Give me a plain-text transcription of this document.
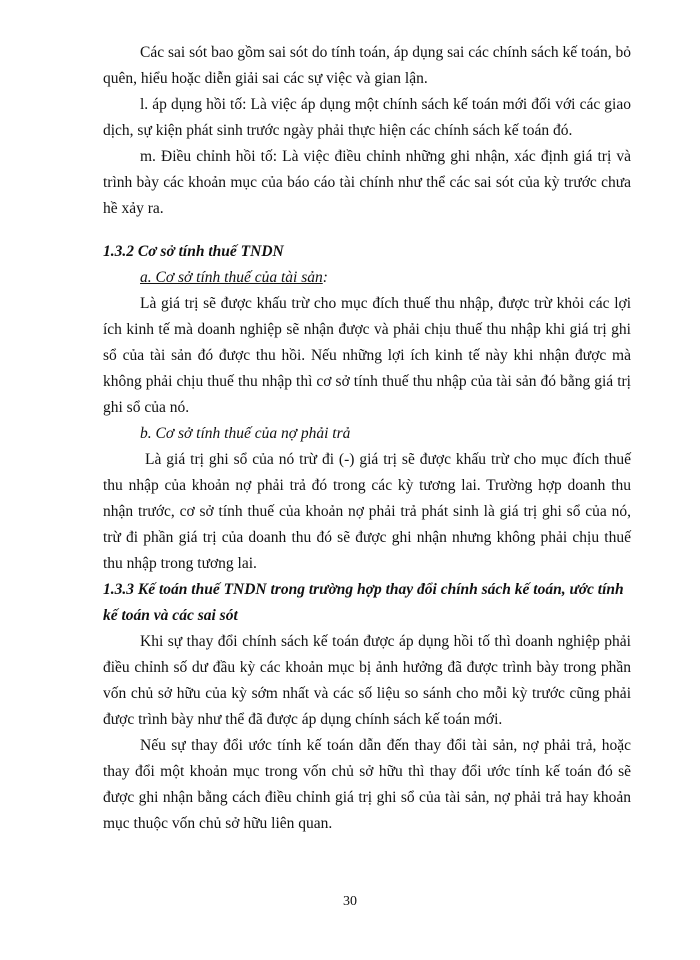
Các sai sót bao gồm sai sót do tính toán, áp dụng sai các chính sách kế toán, bỏ quên, hiểu hoặc diễn giải sai các sự việc và gian lận.

l. áp dụng hồi tố: Là việc áp dụng một chính sách kế toán mới đối với các giao dịch, sự kiện phát sinh trước ngày phải thực hiện các chính sách kế toán đó.

m. Điều chỉnh hồi tố: Là việc điều chỉnh những ghi nhận, xác định giá trị và trình bày các khoản mục của báo cáo tài chính như thể các sai sót của kỳ trước chưa hề xảy ra.

1.3.2 Cơ sở tính thuế TNDN

a. Cơ sở tính thuế của tài sản:

Là giá trị sẽ được khấu trừ cho mục đích thuế thu nhập, được trừ khỏi các lợi ích kinh tế mà doanh nghiệp sẽ nhận được và phải chịu thuế thu nhập khi giá trị ghi sổ của tài sản đó được thu hồi. Nếu những lợi ích kinh tế này khi nhận được mà không phải chịu thuế thu nhập thì cơ sở tính thuế thu nhập của tài sản đó bằng giá trị ghi sổ của nó.

b. Cơ sở tính thuế của nợ phải trả

Là giá trị ghi sổ của nó trừ đi (-) giá trị sẽ được khấu trừ cho mục đích thuế thu nhập của khoản nợ phải trả đó trong các kỳ tương lai. Trường hợp doanh thu nhận trước, cơ sở tính thuế của khoản nợ phải trả phát sinh là giá trị ghi sổ của nó, trừ đi phần giá trị của doanh thu đó sẽ được ghi nhận nhưng không phải chịu thuế thu nhập trong tương lai.

1.3.3 Kế toán thuế TNDN trong trường hợp thay đổi chính sách kế toán, ước tính kế toán và các sai sót

Khi sự thay đổi chính sách kế toán được áp dụng hồi tố thì doanh nghiệp phải điều chỉnh số dư đầu kỳ các khoản mục bị ảnh hưởng đã được trình bày trong phần vốn chủ sở hữu của kỳ sớm nhất và các số liệu so sánh cho mỗi kỳ trước cũng phải được trình bày như thể đã được áp dụng chính sách kế toán mới.

Nếu sự thay đổi ước tính kế toán dẫn đến thay đổi tài sản, nợ phải trả, hoặc thay đổi một khoản mục trong vốn chủ sở hữu thì thay đổi ước tính kế toán đó sẽ được ghi nhận bằng cách điều chỉnh giá trị ghi sổ của tài sản, nợ phải trả hay khoản mục thuộc vốn chủ sở hữu liên quan.

30
